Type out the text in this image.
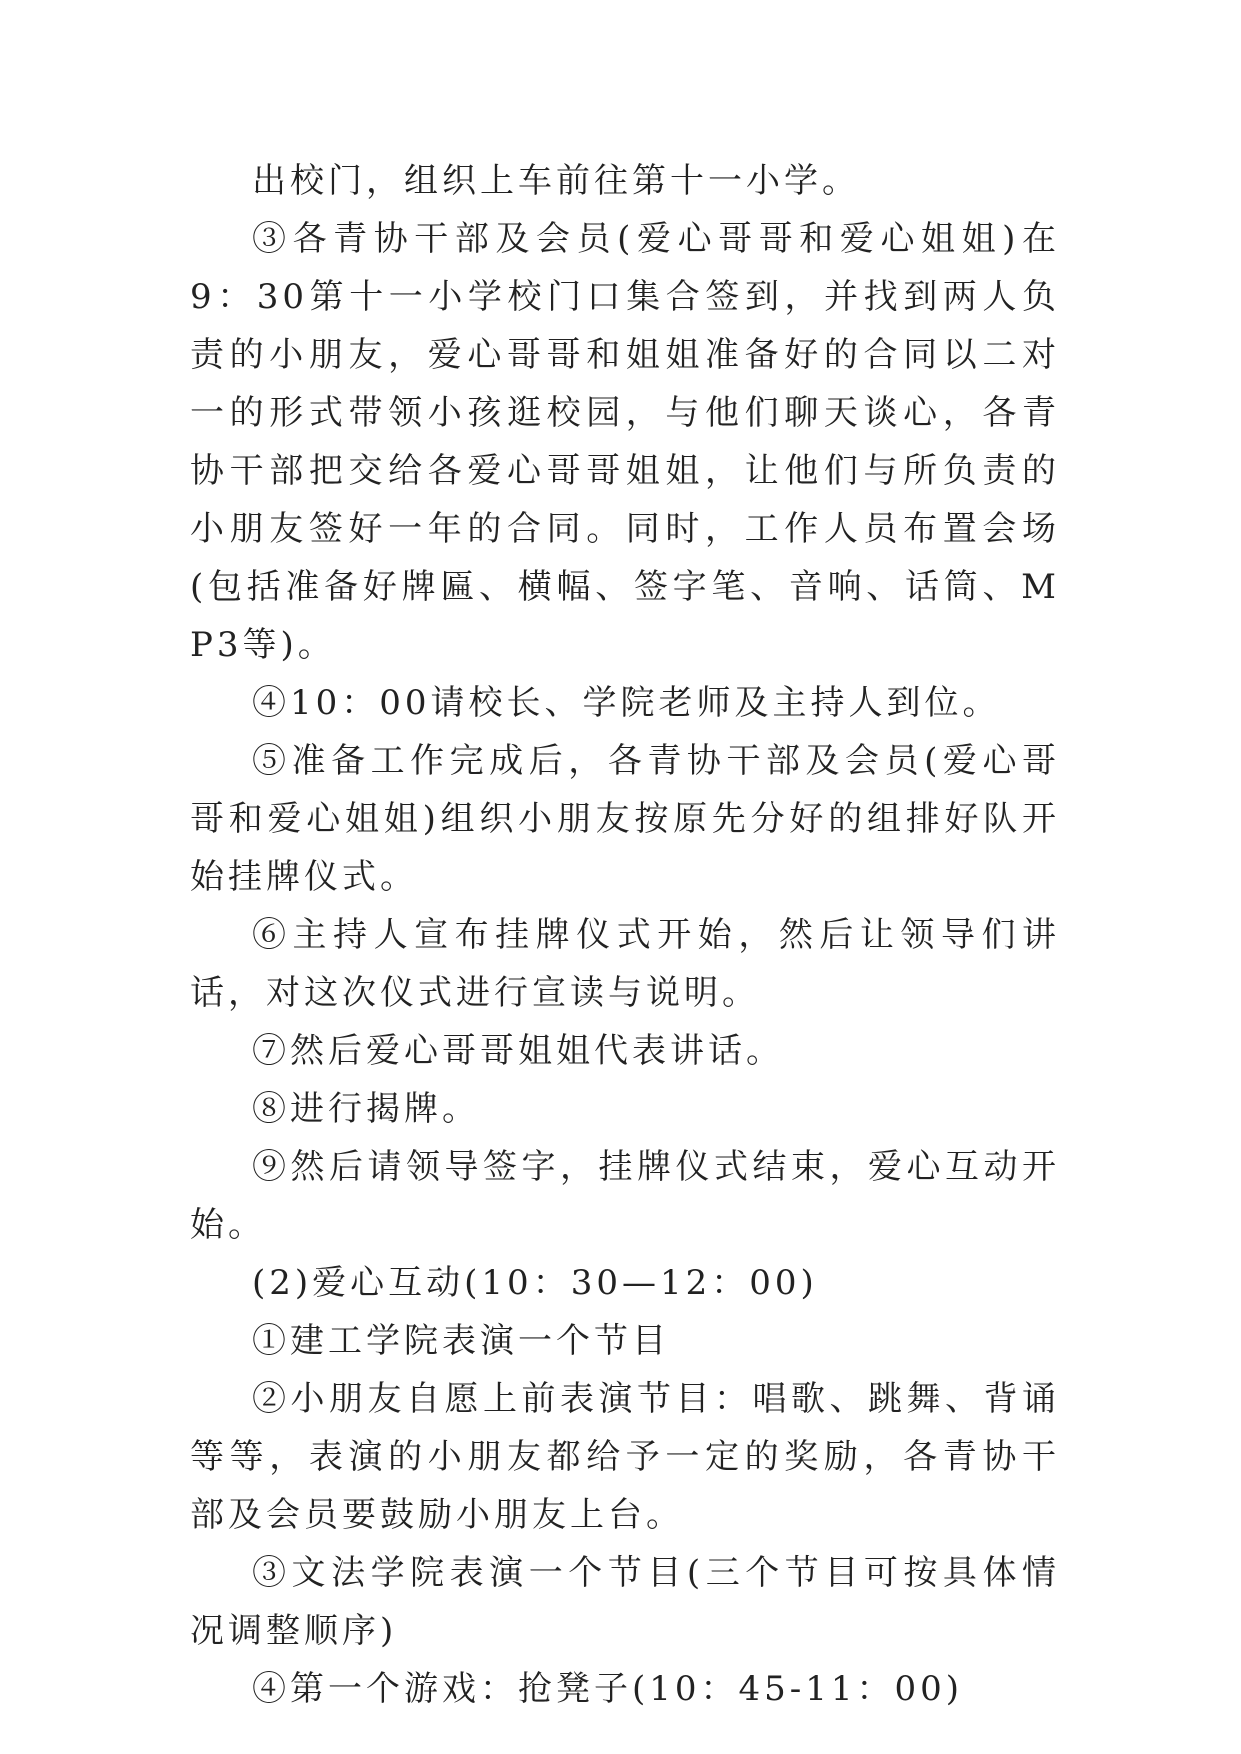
出校门，组织上车前往第十一小学。

③各青协干部及会员(爱心哥哥和爱心姐姐)在9：30第十一小学校门口集合签到，并找到两人负责的小朋友，爱心哥哥和姐姐准备好的合同以二对一的形式带领小孩逛校园，与他们聊天谈心，各青协干部把交给各爱心哥哥姐姐，让他们与所负责的小朋友签好一年的合同。同时，工作人员布置会场(包括准备好牌匾、横幅、签字笔、音响、话筒、MP3等)。

④10：00请校长、学院老师及主持人到位。

⑤准备工作完成后，各青协干部及会员(爱心哥哥和爱心姐姐)组织小朋友按原先分好的组排好队开始挂牌仪式。

⑥主持人宣布挂牌仪式开始，然后让领导们讲话，对这次仪式进行宣读与说明。

⑦然后爱心哥哥姐姐代表讲话。

⑧进行揭牌。

⑨然后请领导签字，挂牌仪式结束，爱心互动开始。

(2)爱心互动(10：30—12：00)

①建工学院表演一个节目

②小朋友自愿上前表演节目：唱歌、跳舞、背诵等等，表演的小朋友都给予一定的奖励，各青协干部及会员要鼓励小朋友上台。

③文法学院表演一个节目(三个节目可按具体情况调整顺序)

④第一个游戏：抢凳子(10：45-11：00)
